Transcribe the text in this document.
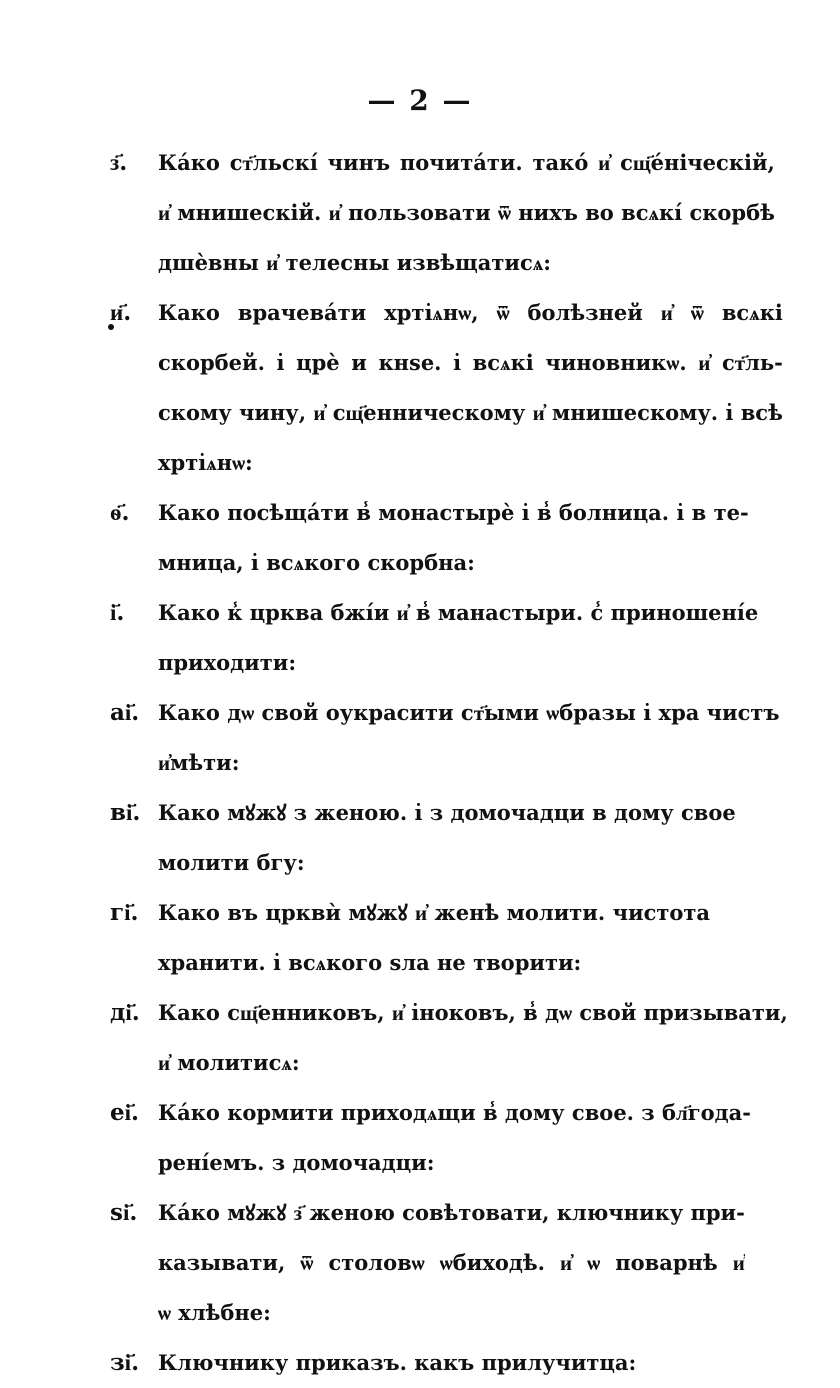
— 2 —
з҃.	Ка́ко ст҃льскі́ чинъ почита́ти. тако́ и҆ сщ҃е́ніческій,
и҆ мнишескій. и҆ пользовати ѿ нихъ во всѧкі́ скорбѣ
дшѐвны и҆ телесны извѣщатисѧ:
и҃.	Како врачева́ти хрті̇ѧнѡ, ѿ болѣзней и҆ ѿ всѧкі
скорбей. і̇ црѐ и кнѕе. і̇ всѧкі чиновникѡ. и҆ ст҃ль-
скому чину, и҆ сщ҃енническому и҆ мнишескому. і̇ всѣ
хрті̇ѧнѡ:
ѳ҃.	Како посѣща́ти в̾ монастырѐ і̇ в̾ болница. і̇ в те-
мница, і̇ всѧкого скорбна:
і҃.	Како к̾ црква бжі́и и҆ в̾ манастыри. с̾ приношені́е
приходити:
аі҃. Како дѡ свой оукрасити ст҃ыми ѡбразы і̇ хра чистъ
и҆мѣти:
ві҃. Како мꙋжꙋ з женою. і̇ з домочадци в дому свое
молити бгу:
гі҃. Како въ црквѝ мꙋжꙋ и҆ женѣ молити. чистота
хранити. і̇ всѧкого ѕла не творити:
ді҃. Како сщ҃енниковъ, и҆ і̇ноковъ, в̾ дѡ свой призывати,
и҆ молитисѧ:
еі҃. Ка́ко кормити приходѧщи в̾ дому свое. з бл҃года-
рені́емъ. з домочадци:
ѕі҃. Ка́ко мꙋжꙋ з҃ женою совѣтовати, ключнику при-
казывати, ѿ столовѡ ѡбиходѣ. и҆ ѡ поварнѣ и҆
ѡ хлѣбне:
зі҃. Ключнику приказъ. какъ прилучитца:
